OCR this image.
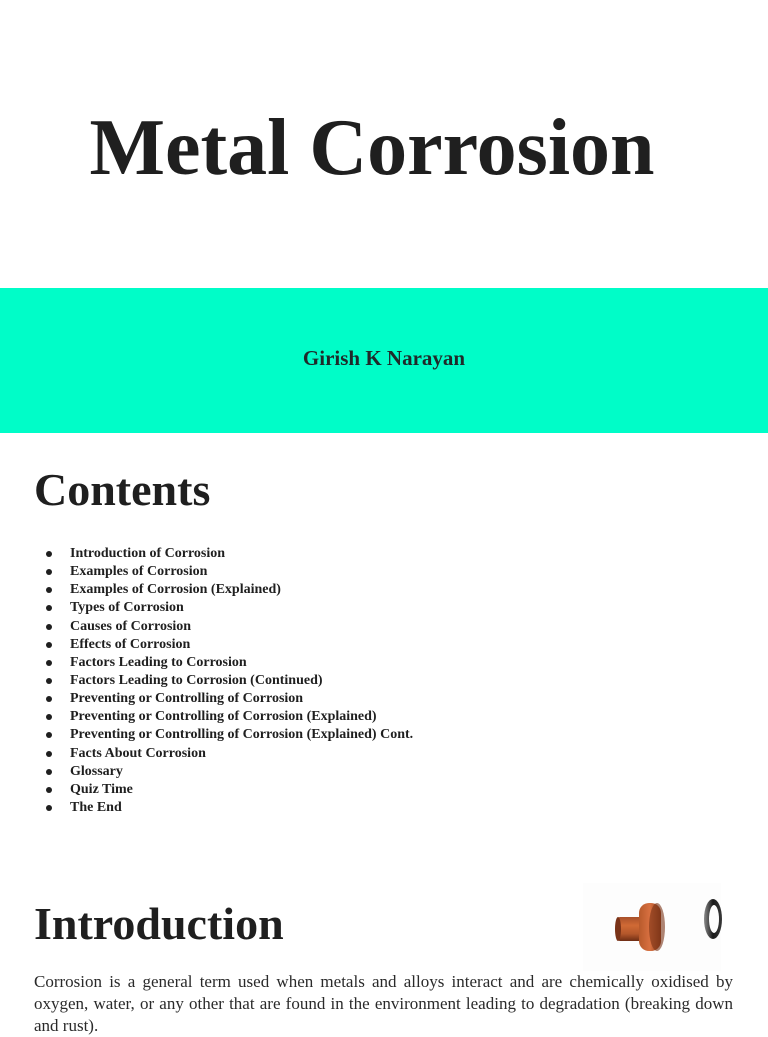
Metal Corrosion
Girish K Narayan
Contents
Introduction of Corrosion
Examples of Corrosion
Examples of Corrosion (Explained)
Types of Corrosion
Causes of Corrosion
Effects of Corrosion
Factors Leading to Corrosion
Factors Leading to Corrosion (Continued)
Preventing or Controlling of Corrosion
Preventing or Controlling of Corrosion (Explained)
Preventing or Controlling of Corrosion (Explained) Cont.
Facts About Corrosion
Glossary
Quiz Time
The End
Introduction

Corrosion is a general term used when metals and alloys interact and are chemically oxidised by oxygen, water, or any other that are found in the environment leading to degradation (breaking down and rust).
